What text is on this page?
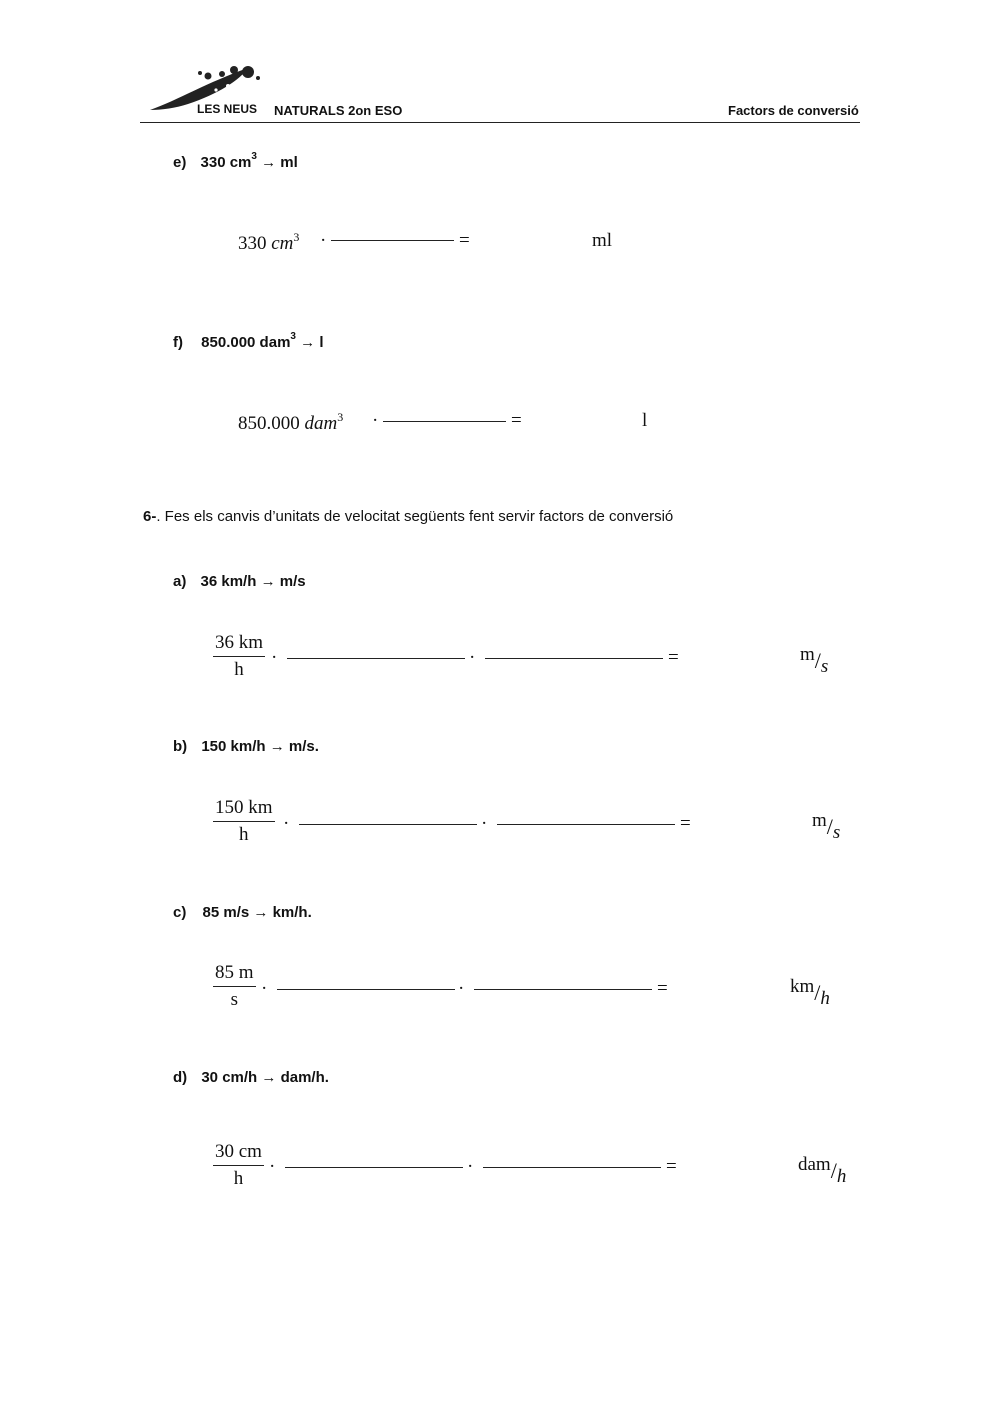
LES NEUS NATURALS 2on ESO	Factors de conversió
e) 330 $cm^3$ → ml
330 $cm^3$ ·	=	ml
f) 850.000 dam$^3$ → l
850.000 dam$^3$ ·	=	l
6-. Fes els canvis d’unitats de velocitat següents fent servir factors de conversió
a) 36 km/h → m/s
$\frac{36 km}{h}$ ·	·	=	m/s
b) 150 km/h → m/s.
$\frac{150 km}{h}$ ·	·	=	m/s
c) 85 m/s → km/h.
$\frac{85 m}{s}$ ·	·	=	km/h
d) 30 cm/h → dam/h.
$\frac{30 cm}{h}$ ·	·	=	dam/h
